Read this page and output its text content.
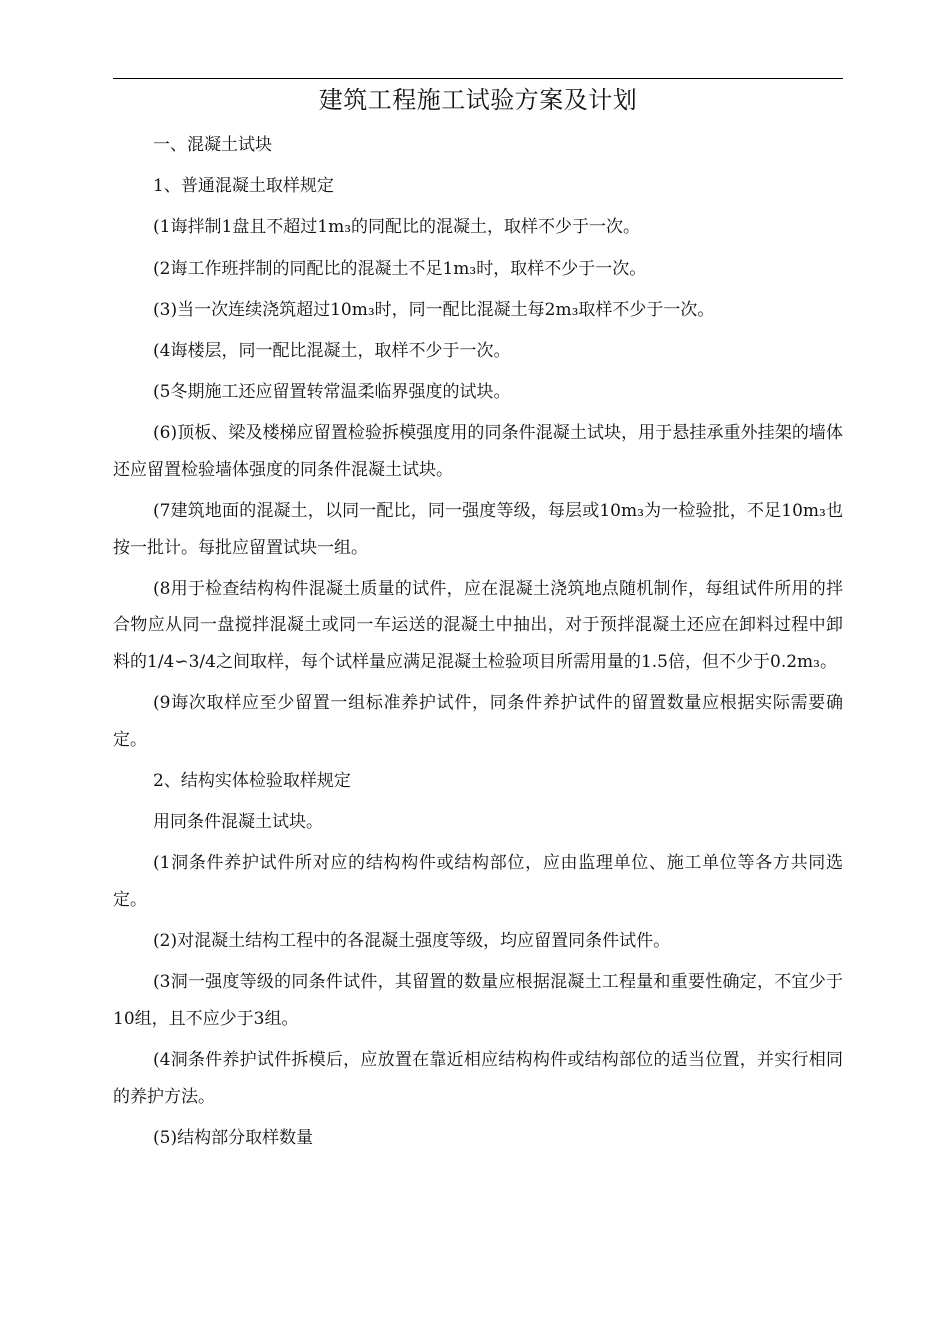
建筑工程施工试验方案及计划

一、混凝土试块

1、普通混凝土取样规定

(1诲拌制1盘且不超过1m₃的同配比的混凝土，取样不少于一次。

(2诲工作班拌制的同配比的混凝土不足1m₃时，取样不少于一次。

(3)当一次连续浇筑超过10m₃时，同一配比混凝土每2m₃取样不少于一次。

(4诲楼层，同一配比混凝土，取样不少于一次。

(5冬期施工还应留置转常温柔临界强度的试块。

(6)顶板、梁及楼梯应留置检验拆模强度用的同条件混凝土试块，用于悬挂承重外挂架的墙体还应留置检验墙体强度的同条件混凝土试块。

(7建筑地面的混凝土，以同一配比，同一强度等级，每层或10m₃为一检验批，不足10m₃也按一批计。每批应留置试块一组。

(8用于检查结构构件混凝土质量的试件，应在混凝土浇筑地点随机制作，每组试件所用的拌合物应从同一盘搅拌混凝土或同一车运送的混凝土中抽出，对于预拌混凝土还应在卸料过程中卸料的1/4∽3/4之间取样，每个试样量应满足混凝土检验项目所需用量的1.5倍，但不少于0.2m₃。

(9诲次取样应至少留置一组标准养护试件，同条件养护试件的留置数量应根据实际需要确定。

2、结构实体检验取样规定

用同条件混凝土试块。

(1洞条件养护试件所对应的结构构件或结构部位，应由监理单位、施工单位等各方共同选定。

(2)对混凝土结构工程中的各混凝土强度等级，均应留置同条件试件。

(3洞一强度等级的同条件试件，其留置的数量应根据混凝土工程量和重要性确定，不宜少于10组，且不应少于3组。

(4洞条件养护试件拆模后，应放置在靠近相应结构构件或结构部位的适当位置，并实行相同的养护方法。

(5)结构部分取样数量
